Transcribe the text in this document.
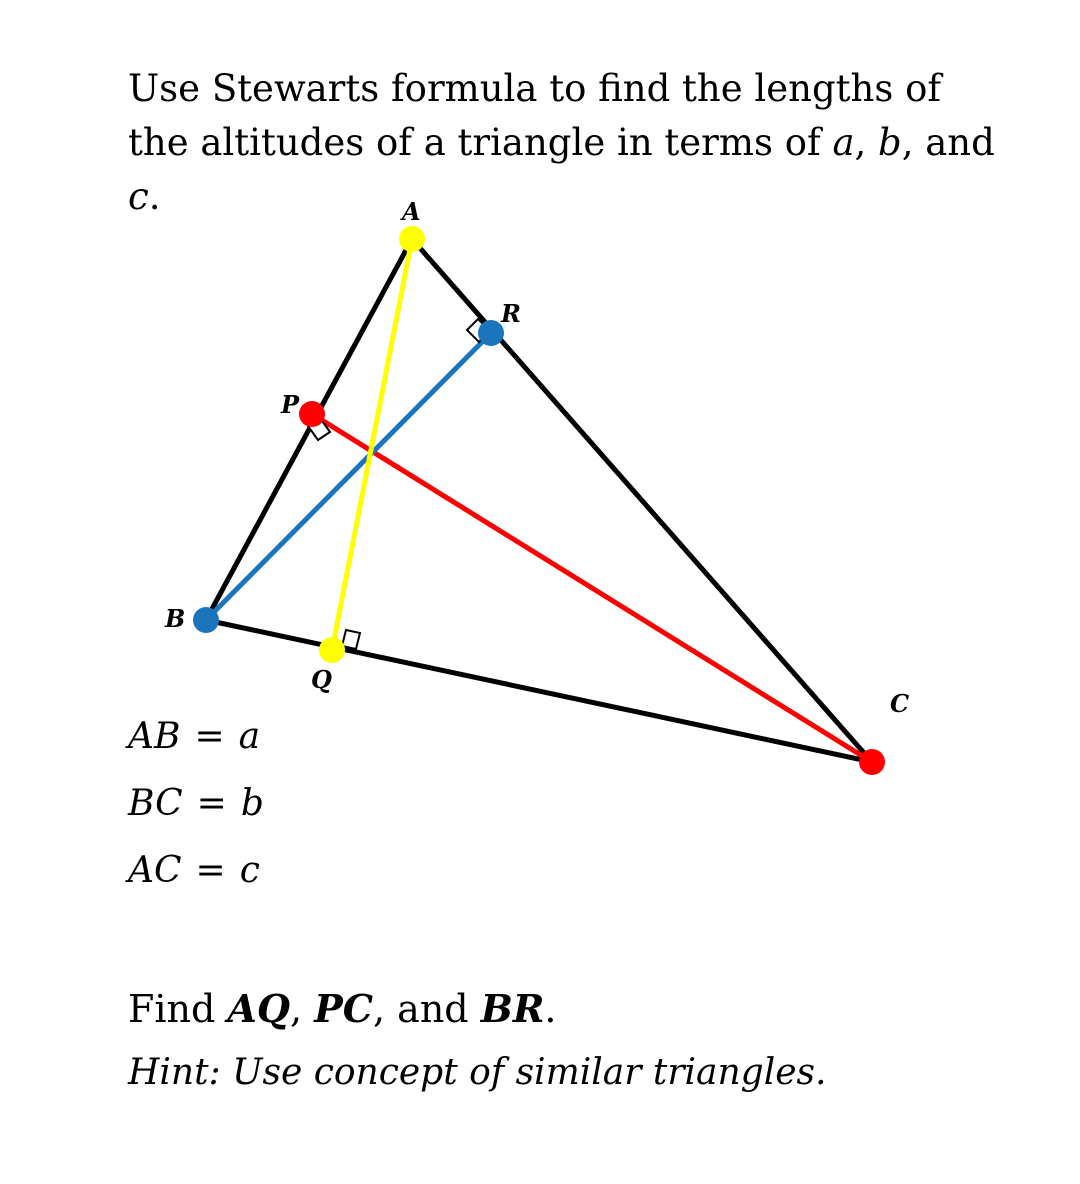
Use Stewarts formula to find the lengths of the altitudes of a triangle in terms of a, b, and
c.	A
B
C
P
Q
R
AB = a
BC = b
AC = c
Find AQ, PC, and BR.
Hint: Use concept of similar triangles.
